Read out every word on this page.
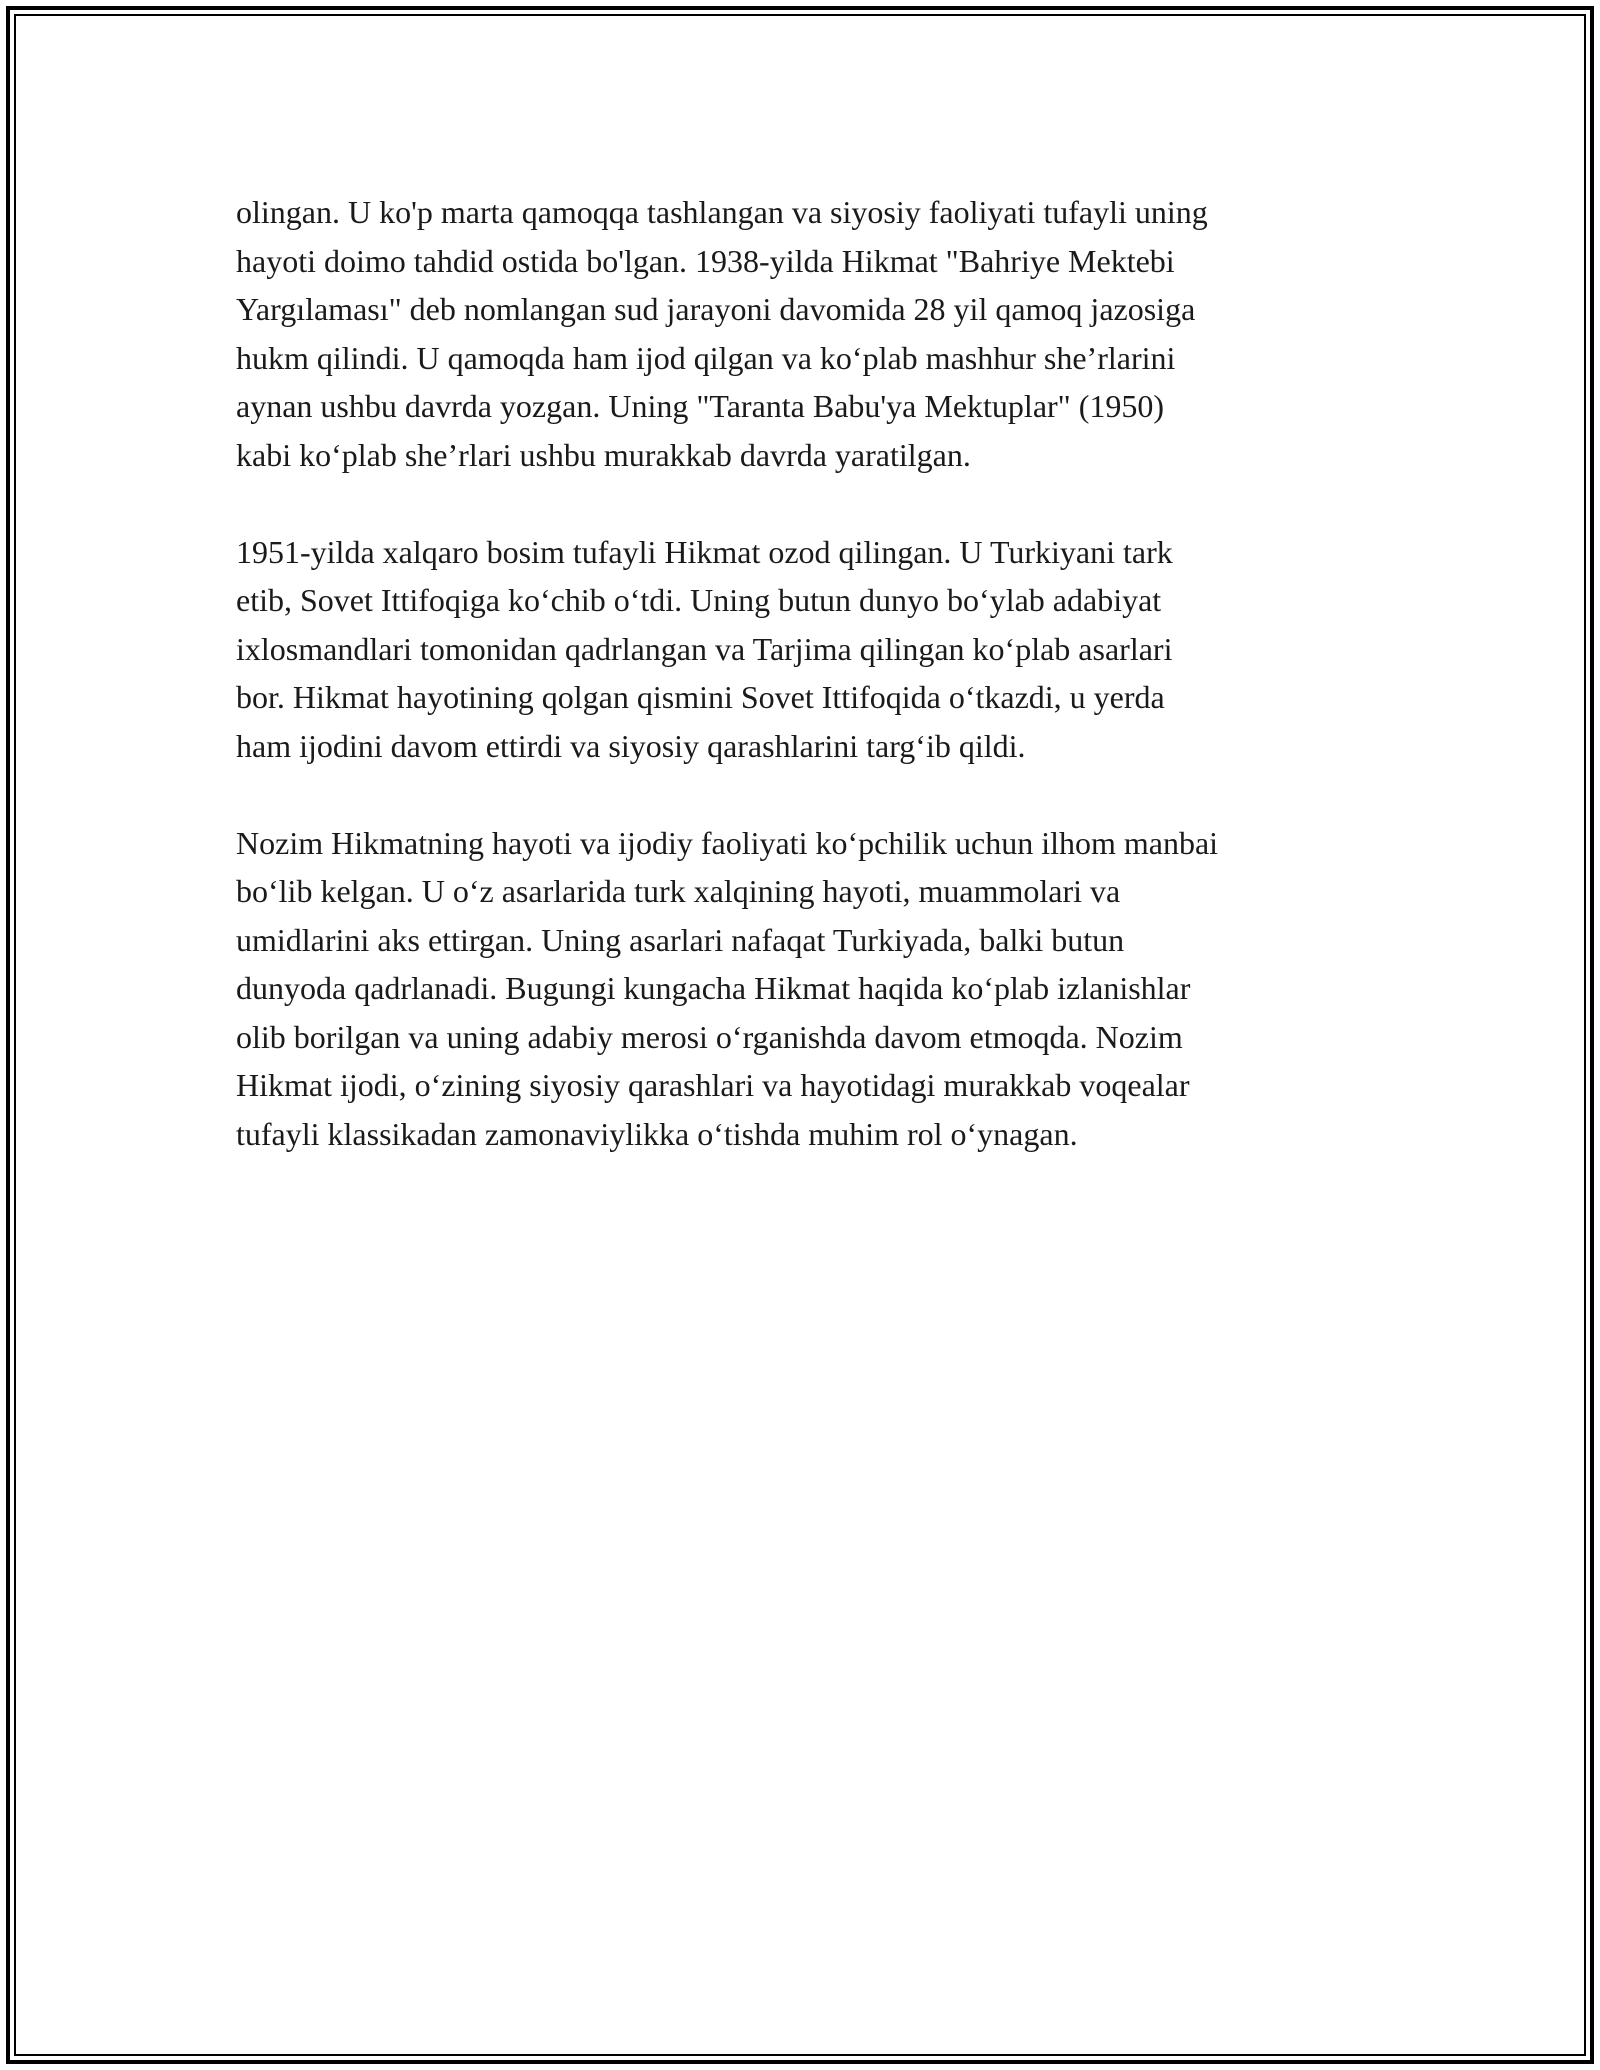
olingan. U ko'p marta qamoqqa tashlangan va siyosiy faoliyati tufayli uning
hayoti doimo tahdid ostida bo'lgan. 1938-yilda Hikmat "Bahriye Mektebi
Yargılaması" deb nomlangan sud jarayoni davomida 28 yil qamoq jazosiga
hukm qilindi. U qamoqda ham ijod qilgan va koʻplab mashhur she’rlarini
aynan ushbu davrda yozgan. Uning "Taranta Babu'ya Mektuplar" (1950)
kabi koʻplab she’rlari ushbu murakkab davrda yaratilgan.

1951-yilda xalqaro bosim tufayli Hikmat ozod qilingan. U Turkiyani tark
etib, Sovet Ittifoqiga koʻchib oʻtdi. Uning butun dunyo boʻylab adabiyat
ixlosmandlari tomonidan qadrlangan va Tarjima qilingan koʻplab asarlari
bor. Hikmat hayotining qolgan qismini Sovet Ittifoqida oʻtkazdi, u yerda
ham ijodini davom ettirdi va siyosiy qarashlarini targʻib qildi.

Nozim Hikmatning hayoti va ijodiy faoliyati koʻpchilik uchun ilhom manbai
boʻlib kelgan. U oʻz asarlarida turk xalqining hayoti, muammolari va
umidlarini aks ettirgan. Uning asarlari nafaqat Turkiyada, balki butun
dunyoda qadrlanadi. Bugungi kungacha Hikmat haqida koʻplab izlanishlar
olib borilgan va uning adabiy merosi oʻrganishda davom etmoqda. Nozim
Hikmat ijodi, oʻzining siyosiy qarashlari va hayotidagi murakkab voqealar
tufayli klassikadan zamonaviylikka oʻtishda muhim rol oʻynagan.
